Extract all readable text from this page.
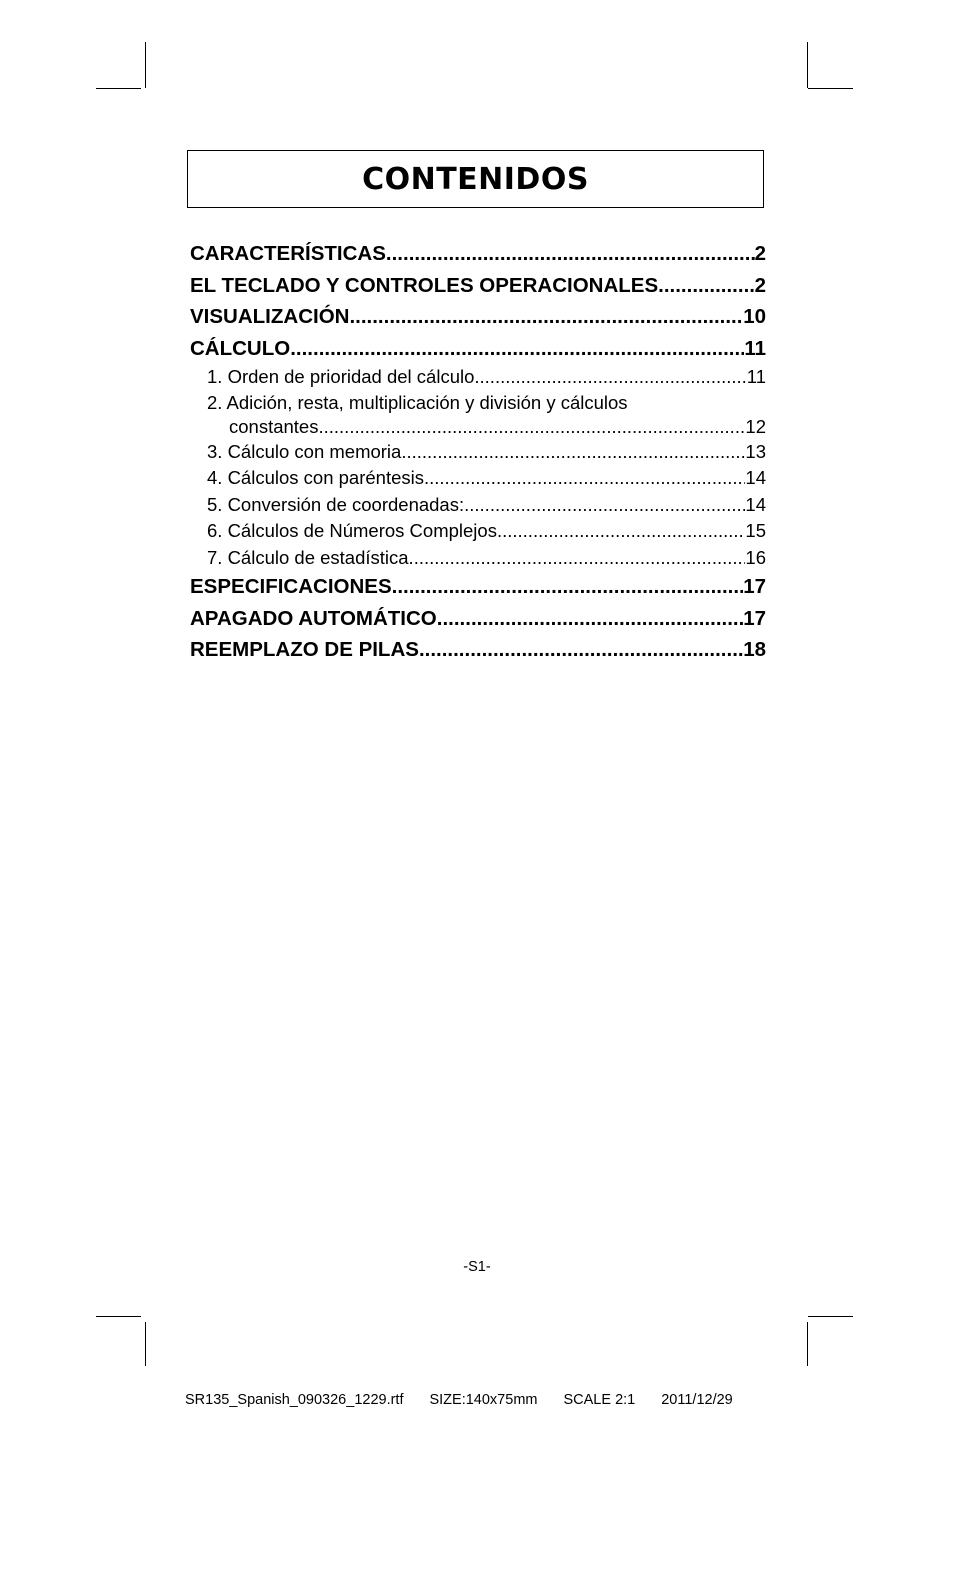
CONTENIDOS
CARACTERÍSTICAS .....	2
EL TECLADO Y CONTROLES OPERACIONALES .....	2
VISUALIZACIÓN .....	10
CÁLCULO .....	11
1. Orden de prioridad del cálculo .....	11
2. Adición, resta, multiplicación y división y cálculos
constantes. .....	12
3. Cálculo con memoria .....	13
4. Cálculos con paréntesis. .....	14
5. Conversión de coordenadas: .....	14
6. Cálculos de Números Complejos .....	15
7. Cálculo de estadística. .....	16
ESPECIFICACIONES .....	17
APAGADO AUTOMÁTICO .....	17
REEMPLAZO DE PILAS .....	18
-S1-
SR135_Spanish_090326_1229.rtf SIZE:140x75mm SCALE 2:1 2011/12/29
